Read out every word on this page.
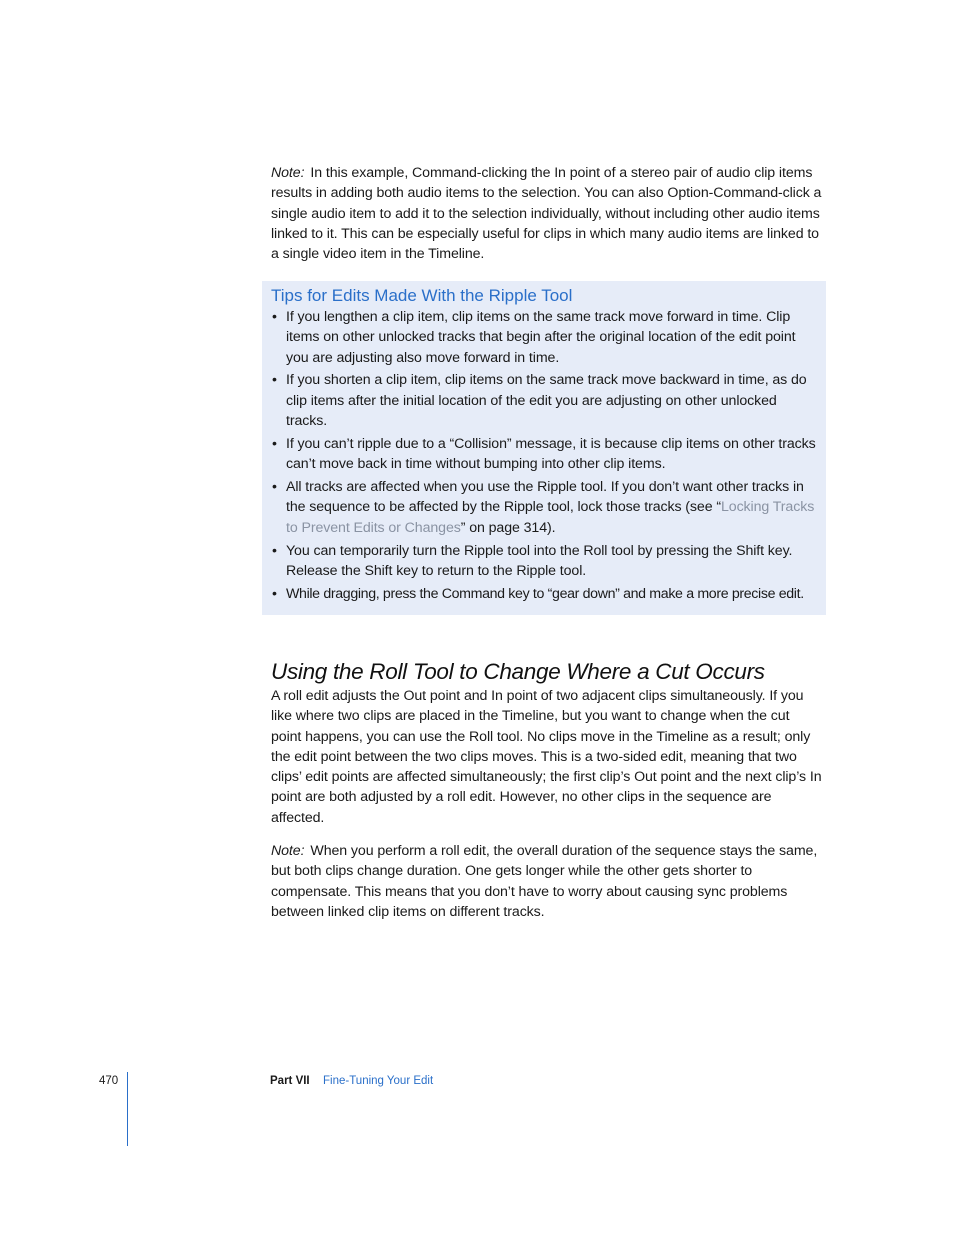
Note: In this example, Command-clicking the In point of a stereo pair of audio clip items results in adding both audio items to the selection. You can also Option-Command-click a single audio item to add it to the selection individually, without including other audio items linked to it. This can be especially useful for clips in which many audio items are linked to a single video item in the Timeline.

Tips for Edits Made With the Ripple Tool
• If you lengthen a clip item, clip items on the same track move forward in time. Clip items on other unlocked tracks that begin after the original location of the edit point you are adjusting also move forward in time.
• If you shorten a clip item, clip items on the same track move backward in time, as do clip items after the initial location of the edit you are adjusting on other unlocked tracks.
• If you can’t ripple due to a “Collision” message, it is because clip items on other tracks can’t move back in time without bumping into other clip items.
• All tracks are affected when you use the Ripple tool. If you don’t want other tracks in the sequence to be affected by the Ripple tool, lock those tracks (see “Locking Tracks to Prevent Edits or Changes” on page 314).
• You can temporarily turn the Ripple tool into the Roll tool by pressing the Shift key. Release the Shift key to return to the Ripple tool.
• While dragging, press the Command key to “gear down” and make a more precise edit.
Using the Roll Tool to Change Where a Cut Occurs

A roll edit adjusts the Out point and In point of two adjacent clips simultaneously. If you like where two clips are placed in the Timeline, but you want to change when the cut point happens, you can use the Roll tool. No clips move in the Timeline as a result; only the edit point between the two clips moves. This is a two-sided edit, meaning that two clips’ edit points are affected simultaneously; the first clip’s Out point and the next clip’s In point are both adjusted by a roll edit. However, no other clips in the sequence are affected.

Note: When you perform a roll edit, the overall duration of the sequence stays the same, but both clips change duration. One gets longer while the other gets shorter to compensate. This means that you don’t have to worry about causing sync problems between linked clip items on different tracks.

470	Part VII Fine-Tuning Your Edit
